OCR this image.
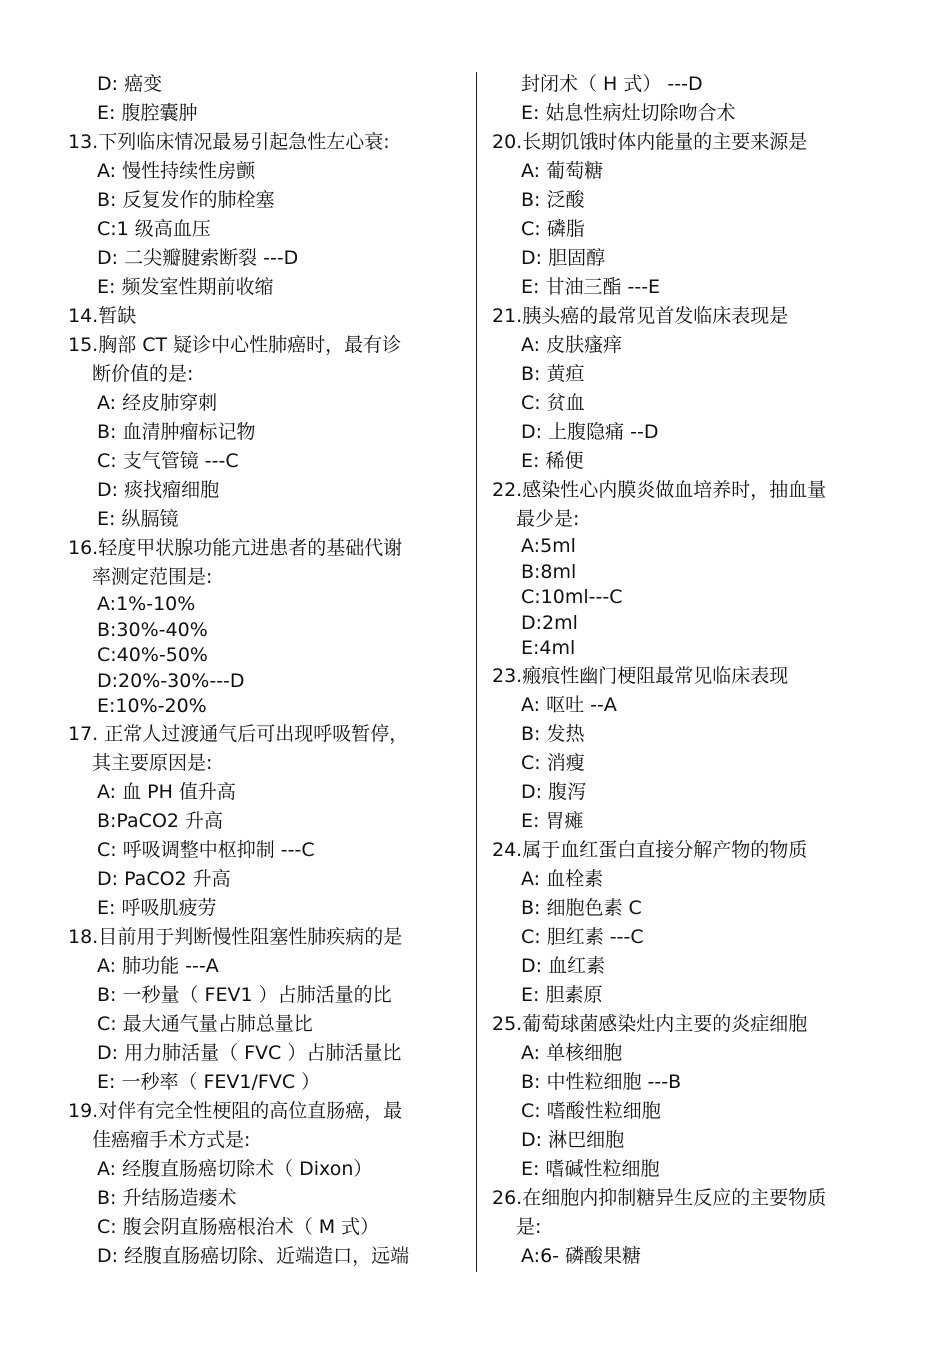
D: 癌变
E: 腹腔囊肿
13.下列临床情况最易引起急性左心衰:
A: 慢性持续性房颤
B: 反复发作的肺栓塞
C:1 级高血压
D: 二尖瓣腱索断裂 ---D
E: 频发室性期前收缩
14.暂缺
15.胸部 CT 疑诊中心性肺癌时，最有诊
断价值的是:
A: 经皮肺穿刺
B: 血清肿瘤标记物
C: 支气管镜 ---C
D: 痰找瘤细胞
E: 纵膈镜
16.轻度甲状腺功能亢进患者的基础代谢
率测定范围是:
A:1%-10%
B:30%-40%
C:40%-50%
D:20%-30%---D
E:10%-20%
17. 正常人过渡通气后可出现呼吸暂停，
其主要原因是:
A: 血 PH 值升高
B:PaCO2 升高
C: 呼吸调整中枢抑制 ---C
D: PaCO2 升高
E: 呼吸肌疲劳
18.目前用于判断慢性阻塞性肺疾病的是
A: 肺功能 ---A
B: 一秒量（ FEV1 ）占肺活量的比
C: 最大通气量占肺总量比
D: 用力肺活量（ FVC ）占肺活量比
E: 一秒率（ FEV1/FVC ）
19.对伴有完全性梗阻的高位直肠癌，最
佳癌瘤手术方式是:
A: 经腹直肠癌切除术（ Dixon）
B: 升结肠造瘘术
C: 腹会阴直肠癌根治术（ M 式）
D: 经腹直肠癌切除、近端造口，远端
封闭术（ H 式） ---D
E: 姑息性病灶切除吻合术
20.长期饥饿时体内能量的主要来源是
A: 葡萄糖
B: 泛酸
C: 磷脂
D: 胆固醇
E: 甘油三酯 ---E
21.胰头癌的最常见首发临床表现是
A: 皮肤瘙痒
B: 黄疸
C: 贫血
D: 上腹隐痛 --D
E: 稀便
22.感染性心内膜炎做血培养时，抽血量
最少是:
A:5ml
B:8ml
C:10ml---C
D:2ml
E:4ml
23.瘢痕性幽门梗阻最常见临床表现
A: 呕吐 --A
B: 发热
C: 消瘦
D: 腹泻
E: 胃瘫
24.属于血红蛋白直接分解产物的物质
A: 血栓素
B: 细胞色素 C
C: 胆红素 ---C
D: 血红素
E: 胆素原
25.葡萄球菌感染灶内主要的炎症细胞
A: 单核细胞
B: 中性粒细胞 ---B
C: 嗜酸性粒细胞
D: 淋巴细胞
E: 嗜碱性粒细胞
26.在细胞内抑制糖异生反应的主要物质
是:
A:6- 磷酸果糖
